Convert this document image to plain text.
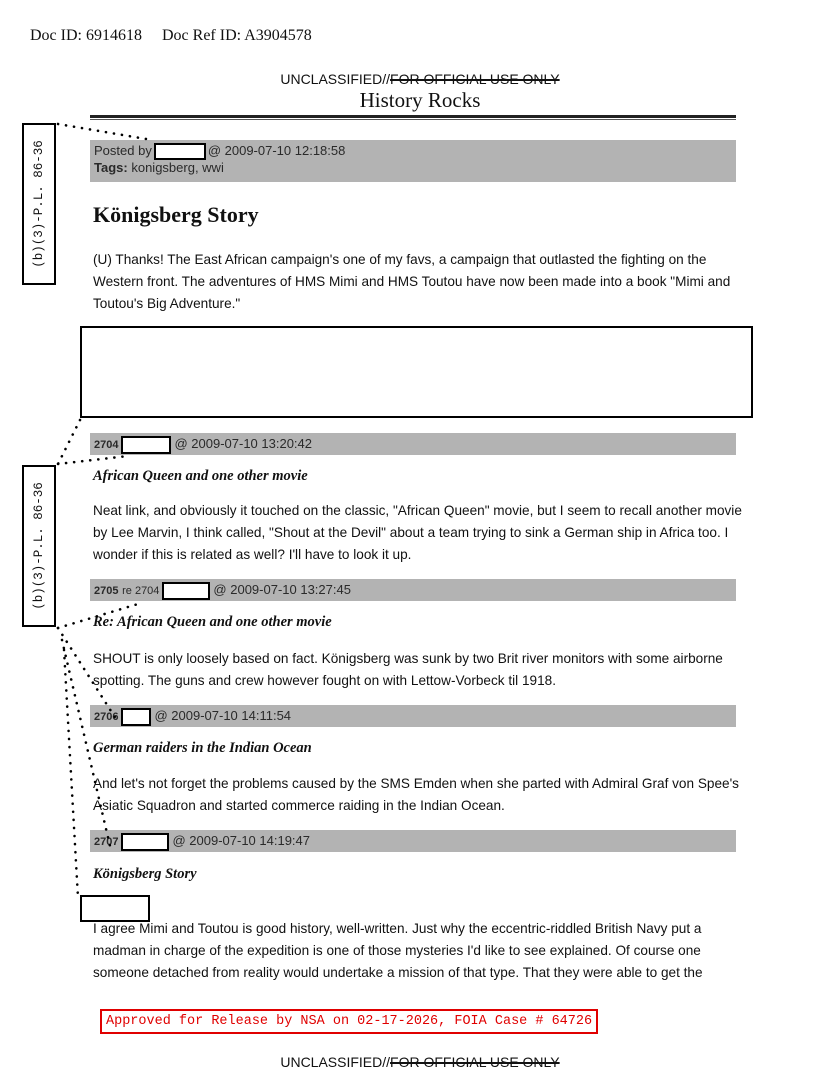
Doc ID: 6914618 Doc Ref ID: A3904578
UNCLASSIFIED//FOR OFFICIAL USE ONLY
History Rocks
Posted by	@ 2009-07-10 12:18:58
Tags: konigsberg, wwi
Königsberg Story
(U) Thanks! The East African campaign's one of my favs, a campaign that outlasted the fighting on the Western front. The adventures of HMS Mimi and HMS Toutou have now been made into a book "Mimi and Toutou's Big Adventure."
(b)(3)-P.L. 86-36
(b)(3)-P.L. 86-36
2704	@ 2009-07-10 13:20:42
African Queen and one other movie
Neat link, and obviously it touched on the classic, "African Queen" movie, but I seem to recall another movie by Lee Marvin, I think called, "Shout at the Devil" about a team trying to sink a German ship in Africa too. I wonder if this is related as well? I'll have to look it up.
2705 re 2704	@ 2009-07-10 13:27:45
Re: African Queen and one other movie
SHOUT is only loosely based on fact. Königsberg was sunk by two Brit river monitors with some airborne spotting. The guns and crew however fought on with Lettow-Vorbeck til 1918.
2706	@ 2009-07-10 14:11:54
German raiders in the Indian Ocean
And let's not forget the problems caused by the SMS Emden when she parted with Admiral Graf von Spee's Asiatic Squadron and started commerce raiding in the Indian Ocean.
2707	@ 2009-07-10 14:19:47
Königsberg Story
I agree Mimi and Toutou is good history, well-written. Just why the eccentric-riddled British Navy put a madman in charge of the expedition is one of those mysteries I'd like to see explained. Of course one someone detached from reality would undertake a mission of that type. That they were able to get the
Approved for Release by NSA on 02-17-2026, FOIA Case # 64726
UNCLASSIFIED//FOR OFFICIAL USE ONLY
